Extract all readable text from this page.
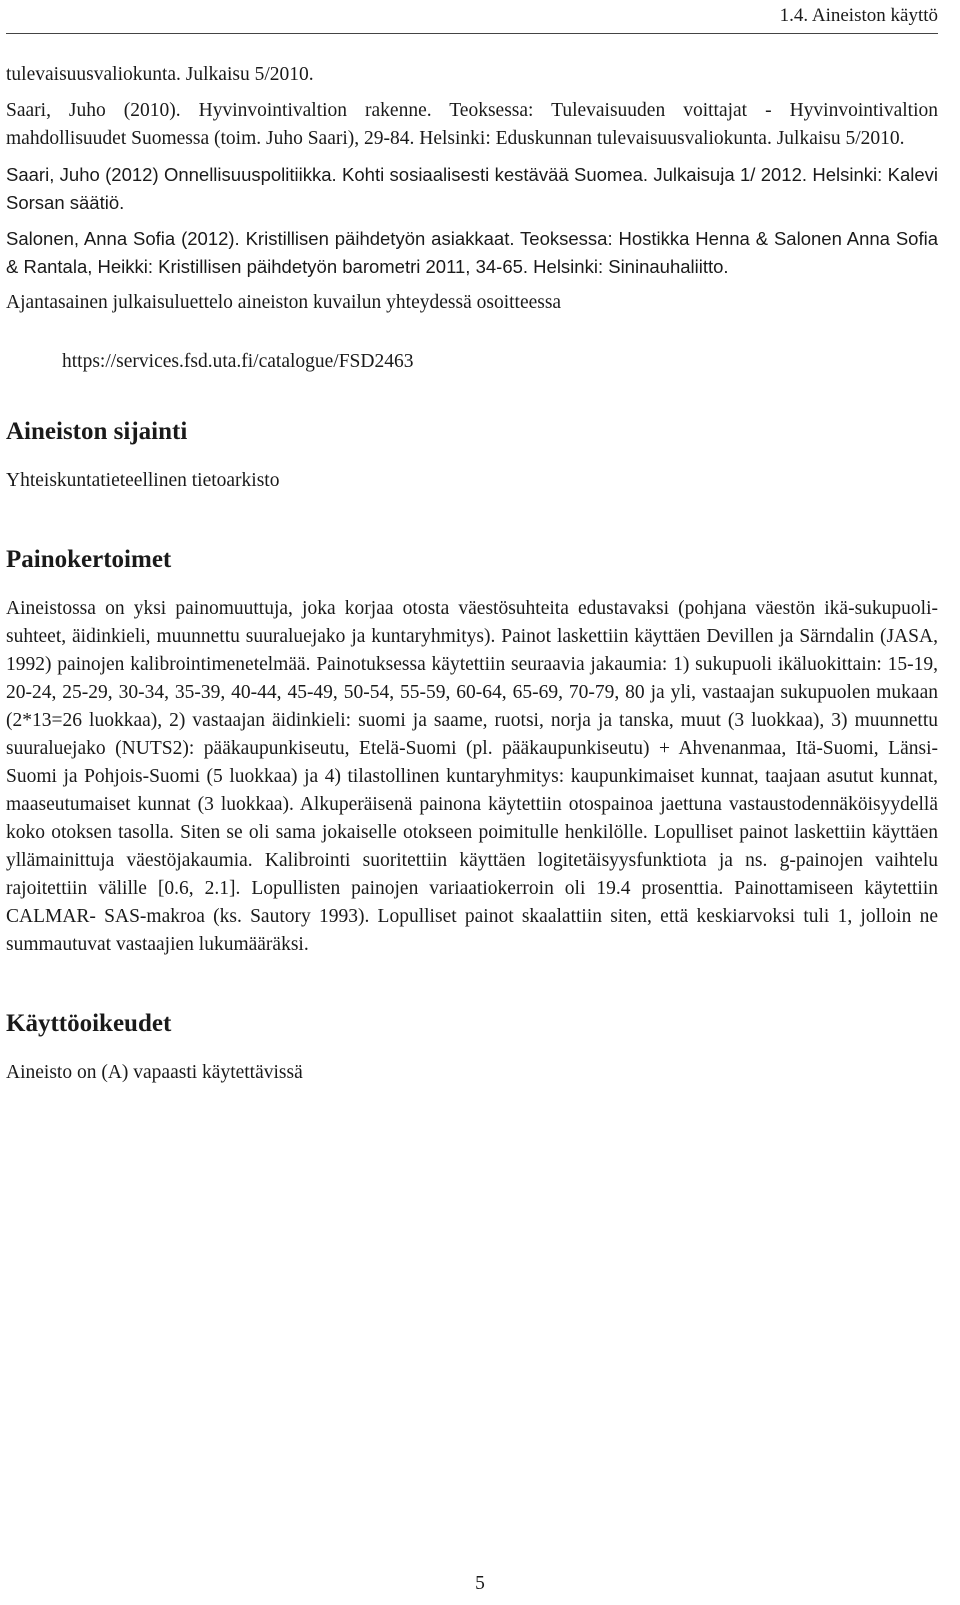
1.4. Aineiston käyttö

tulevaisuusvaliokunta. Julkaisu 5/2010.

Saari, Juho (2010). Hyvinvointivaltion rakenne. Teoksessa: Tulevaisuuden voittajat - Hyvinvointivaltion mahdollisuudet Suomessa (toim. Juho Saari), 29-84. Helsinki: Eduskunnan tulevaisuusvaliokunta. Julkaisu 5/2010.

Saari, Juho (2012) Onnellisuuspolitiikka. Kohti sosiaalisesti kestävää Suomea. Julkaisuja 1/ 2012. Helsinki: Kalevi Sorsan säätiö.

Salonen, Anna Sofia (2012). Kristillisen päihdetyön asiakkaat. Teoksessa: Hostikka Henna & Salonen Anna Sofia & Rantala, Heikki: Kristillisen päihdetyön barometri 2011, 34-65. Helsinki: Sininauhaliitto.

Ajantasainen julkaisuluettelo aineiston kuvailun yhteydessä osoitteessa

https://services.fsd.uta.fi/catalogue/FSD2463

Aineiston sijainti

Yhteiskuntatieteellinen tietoarkisto

Painokertoimet

Aineistossa on yksi painomuuttuja, joka korjaa otosta väestösuhteita edustavaksi (pohjana väestön ikä-sukupuoli-suhteet, äidinkieli, muunnettu suuraluejako ja kuntaryhmitys). Painot laskettiin käyttäen Devillen ja Särndalin (JASA, 1992) painojen kalibrointimenetelmää. Painotuksessa käytettiin seuraavia jakaumia: 1) sukupuoli ikäluokittain: 15-19, 20-24, 25-29, 30-34, 35-39, 40-44, 45-49, 50-54, 55-59, 60-64, 65-69, 70-79, 80 ja yli, vastaajan sukupuolen mukaan (2*13=26 luokkaa), 2) vastaajan äidinkieli: suomi ja saame, ruotsi, norja ja tanska, muut (3 luokkaa), 3) muunnettu suuraluejako (NUTS2): pääkaupunkiseutu, Etelä-Suomi (pl. pääkaupunkiseutu) + Ahvenanmaa, Itä-Suomi, Länsi-Suomi ja Pohjois-Suomi (5 luokkaa) ja 4) tilastollinen kuntaryhmitys: kaupunkimaiset kunnat, taajaan asutut kunnat, maaseutumaiset kunnat (3 luokkaa). Alkuperäisenä painona käytettiin otospainoa jaettuna vastaustodennäköisyydellä koko otoksen tasolla. Siten se oli sama jokaiselle otokseen poimitulle henkilölle. Lopulliset painot laskettiin käyttäen yllämainittuja väestöjakaumia. Kalibrointi suoritettiin käyttäen logitetäisyysfunktiota ja ns. g-painojen vaihtelu rajoitettiin välille [0.6, 2.1]. Lopullisten painojen variaatiokerroin oli 19.4 prosenttia. Painottamiseen käytettiin CALMAR- SAS-makroa (ks. Sautory 1993). Lopulliset painot skaalattiin siten, että keskiarvoksi tuli 1, jolloin ne summautuvat vastaajien lukumääräksi.

Käyttöoikeudet

Aineisto on (A) vapaasti käytettävissä

5
